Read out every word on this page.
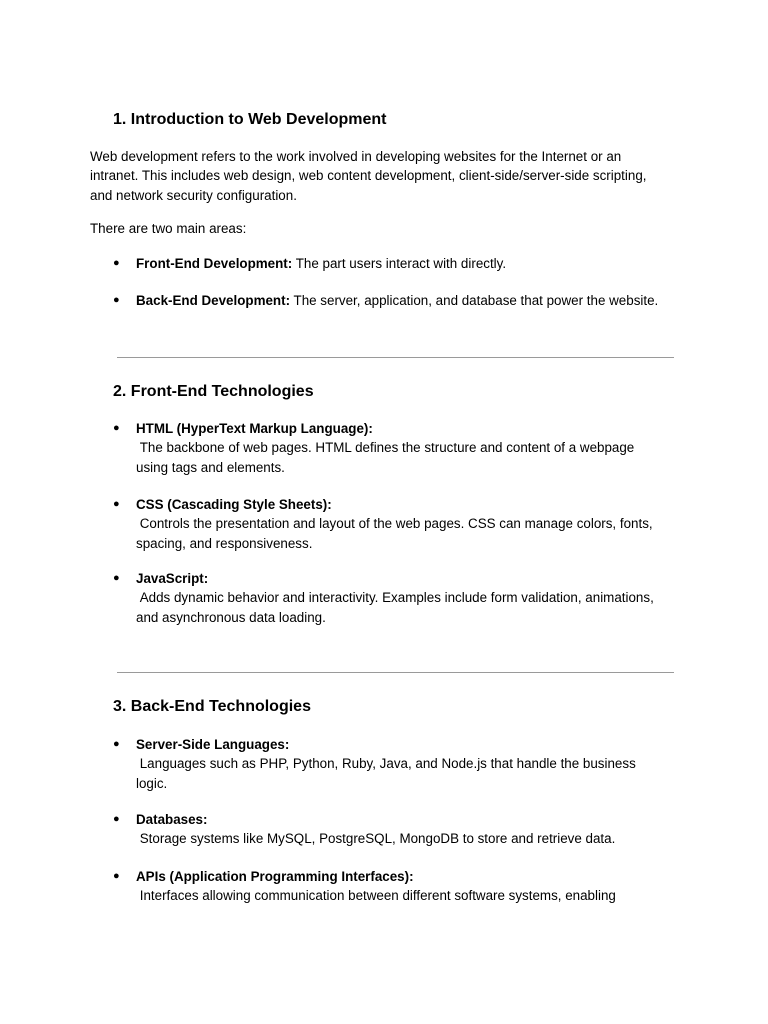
1. Introduction to Web Development
Web development refers to the work involved in developing websites for the Internet or an
intranet. This includes web design, web content development, client-side/server-side scripting,
and network security configuration.
There are two main areas:
● Front-End Development: The part users interact with directly.
● Back-End Development: The server, application, and database that power the website.
2. Front-End Technologies
● HTML (HyperText Markup Language):
The backbone of web pages. HTML defines the structure and content of a webpage
using tags and elements.
● CSS (Cascading Style Sheets):
Controls the presentation and layout of the web pages. CSS can manage colors, fonts,
spacing, and responsiveness.
● JavaScript:
Adds dynamic behavior and interactivity. Examples include form validation, animations,
and asynchronous data loading.
3. Back-End Technologies
● Server-Side Languages:
Languages such as PHP, Python, Ruby, Java, and Node.js that handle the business
logic.
● Databases:
Storage systems like MySQL, PostgreSQL, MongoDB to store and retrieve data.
● APIs (Application Programming Interfaces):
Interfaces allowing communication between different software systems, enabling
